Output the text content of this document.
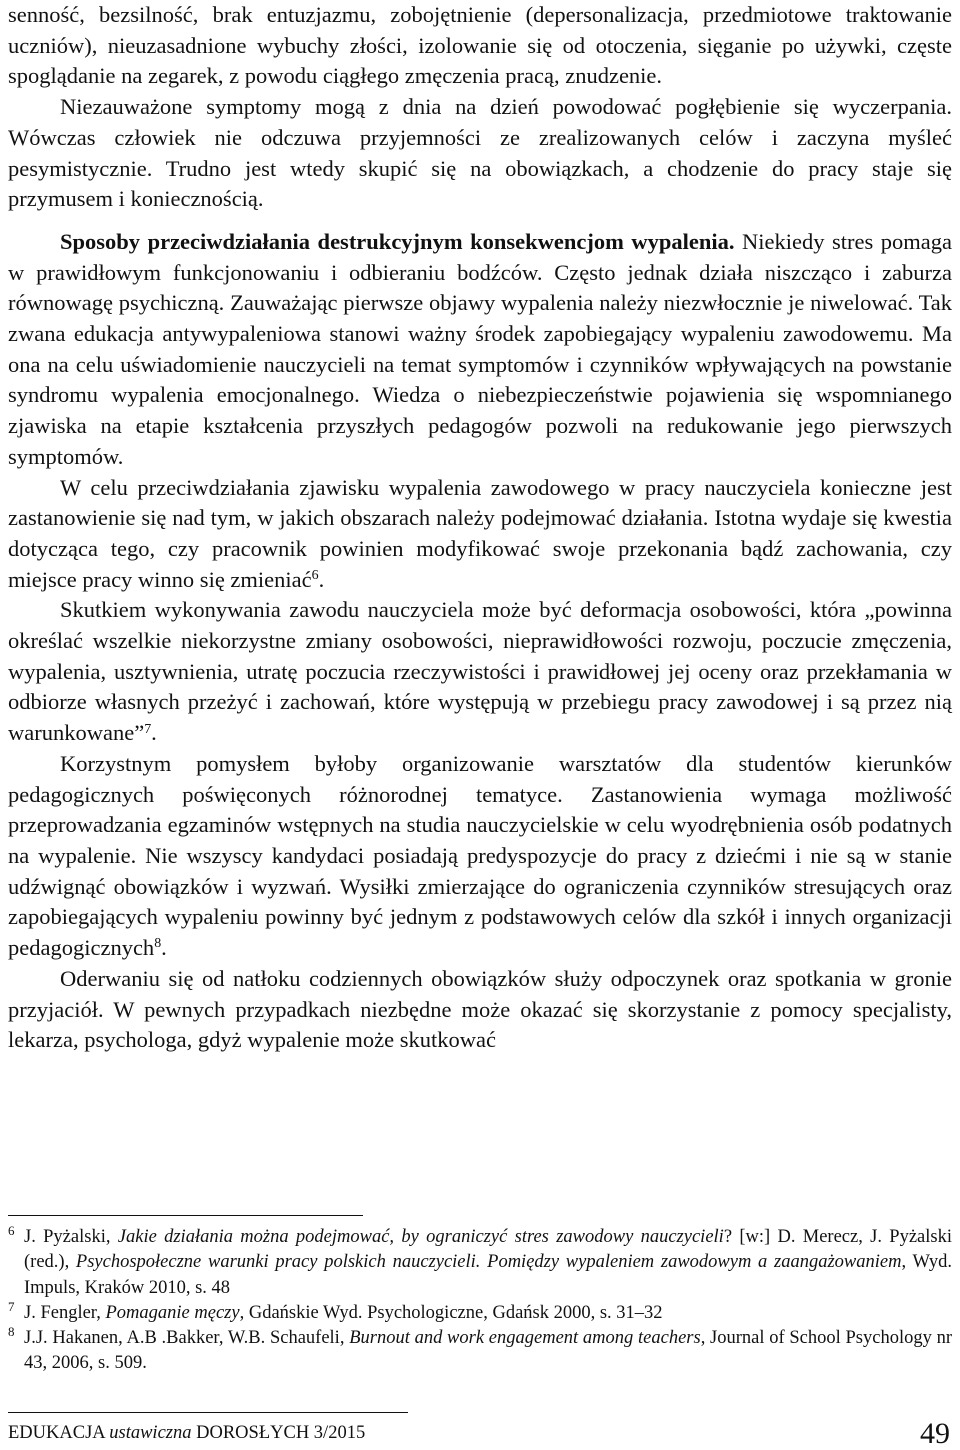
senność, bezsilność, brak entuzjazmu, zobojętnienie (depersonalizacja, przedmiotowe traktowanie uczniów), nieuzasadnione wybuchy złości, izolowanie się od otoczenia, sięganie po używki, częste spoglądanie na zegarek, z powodu ciągłego zmęczenia pracą, znudzenie.

Niezauważone symptomy mogą z dnia na dzień powodować pogłębienie się wyczerpania. Wówczas człowiek nie odczuwa przyjemności ze zrealizowanych celów i zaczyna myśleć pesymistycznie. Trudno jest wtedy skupić się na obowiązkach, a chodzenie do pracy staje się przymusem i koniecznością.

Sposoby przeciwdziałania destrukcyjnym konsekwencjom wypalenia. Niekiedy stres pomaga w prawidłowym funkcjonowaniu i odbieraniu bodźców. Często jednak działa niszcząco i zaburza równowagę psychiczną. Zauważając pierwsze objawy wypalenia należy niezwłocznie je niwelować. Tak zwana edukacja antywypaleniowa stanowi ważny środek zapobiegający wypaleniu zawodowemu. Ma ona na celu uświadomienie nauczycieli na temat symptomów i czynników wpływających na powstanie syndromu wypalenia emocjonalnego. Wiedza o niebezpieczeństwie pojawienia się wspomnianego zjawiska na etapie kształcenia przyszłych pedagogów pozwoli na redukowanie jego pierwszych symptomów.

W celu przeciwdziałania zjawisku wypalenia zawodowego w pracy nauczyciela konieczne jest zastanowienie się nad tym, w jakich obszarach należy podejmować działania. Istotna wydaje się kwestia dotycząca tego, czy pracownik powinien modyfikować swoje przekonania bądź zachowania, czy miejsce pracy winno się zmieniać$^6$.

Skutkiem wykonywania zawodu nauczyciela może być deformacja osobowości, która „powinna określać wszelkie niekorzystne zmiany osobowości, nieprawidłowości rozwoju, poczucie zmęczenia, wypalenia, usztywnienia, utratę poczucia rzeczywistości i prawidłowej jej oceny oraz przekłamania w odbiorze własnych przeżyć i zachowań, które występują w przebiegu pracy zawodowej i są przez nią warunkowane”$^7$.

Korzystnym pomysłem byłoby organizowanie warsztatów dla studentów kierunków pedagogicznych poświęconych różnorodnej tematyce. Zastanowienia wymaga możliwość przeprowadzania egzaminów wstępnych na studia nauczycielskie w celu wyodrębnienia osób podatnych na wypalenie. Nie wszyscy kandydaci posiadają predyspozycje do pracy z dziećmi i nie są w stanie udźwignąć obowiązków i wyzwań. Wysiłki zmierzające do ograniczenia czynników stresujących oraz zapobiegających wypaleniu powinny być jednym z podstawowych celów dla szkół i innych organizacji pedagogicznych$^8$.

Oderwaniu się od natłoku codziennych obowiązków służy odpoczynek oraz spotkania w gronie przyjaciół. W pewnych przypadkach niezbędne może okazać się skorzystanie z pomocy specjalisty, lekarza, psychologa, gdyż wypalenie może skutkować

6 J. Pyżalski, Jakie działania można podejmować, by ograniczyć stres zawodowy nauczycieli? [w:] D. Merecz, J. Pyżalski (red.), Psychospołeczne warunki pracy polskich nauczycieli. Pomiędzy wypaleniem zawodowym a zaangażowaniem, Wyd. Impuls, Kraków 2010, s. 48

7 J. Fengler, Pomaganie męczy, Gdańskie Wyd. Psychologiczne, Gdańsk 2000, s. 31–32

8 J.J. Hakanen, A.B .Bakker, W.B. Schaufeli, Burnout and work engagement among teachers, Journal of School Psychology nr 43, 2006, s. 509.

EDUKACJA ustawiczna DOROSŁYCH 3/2015	49
